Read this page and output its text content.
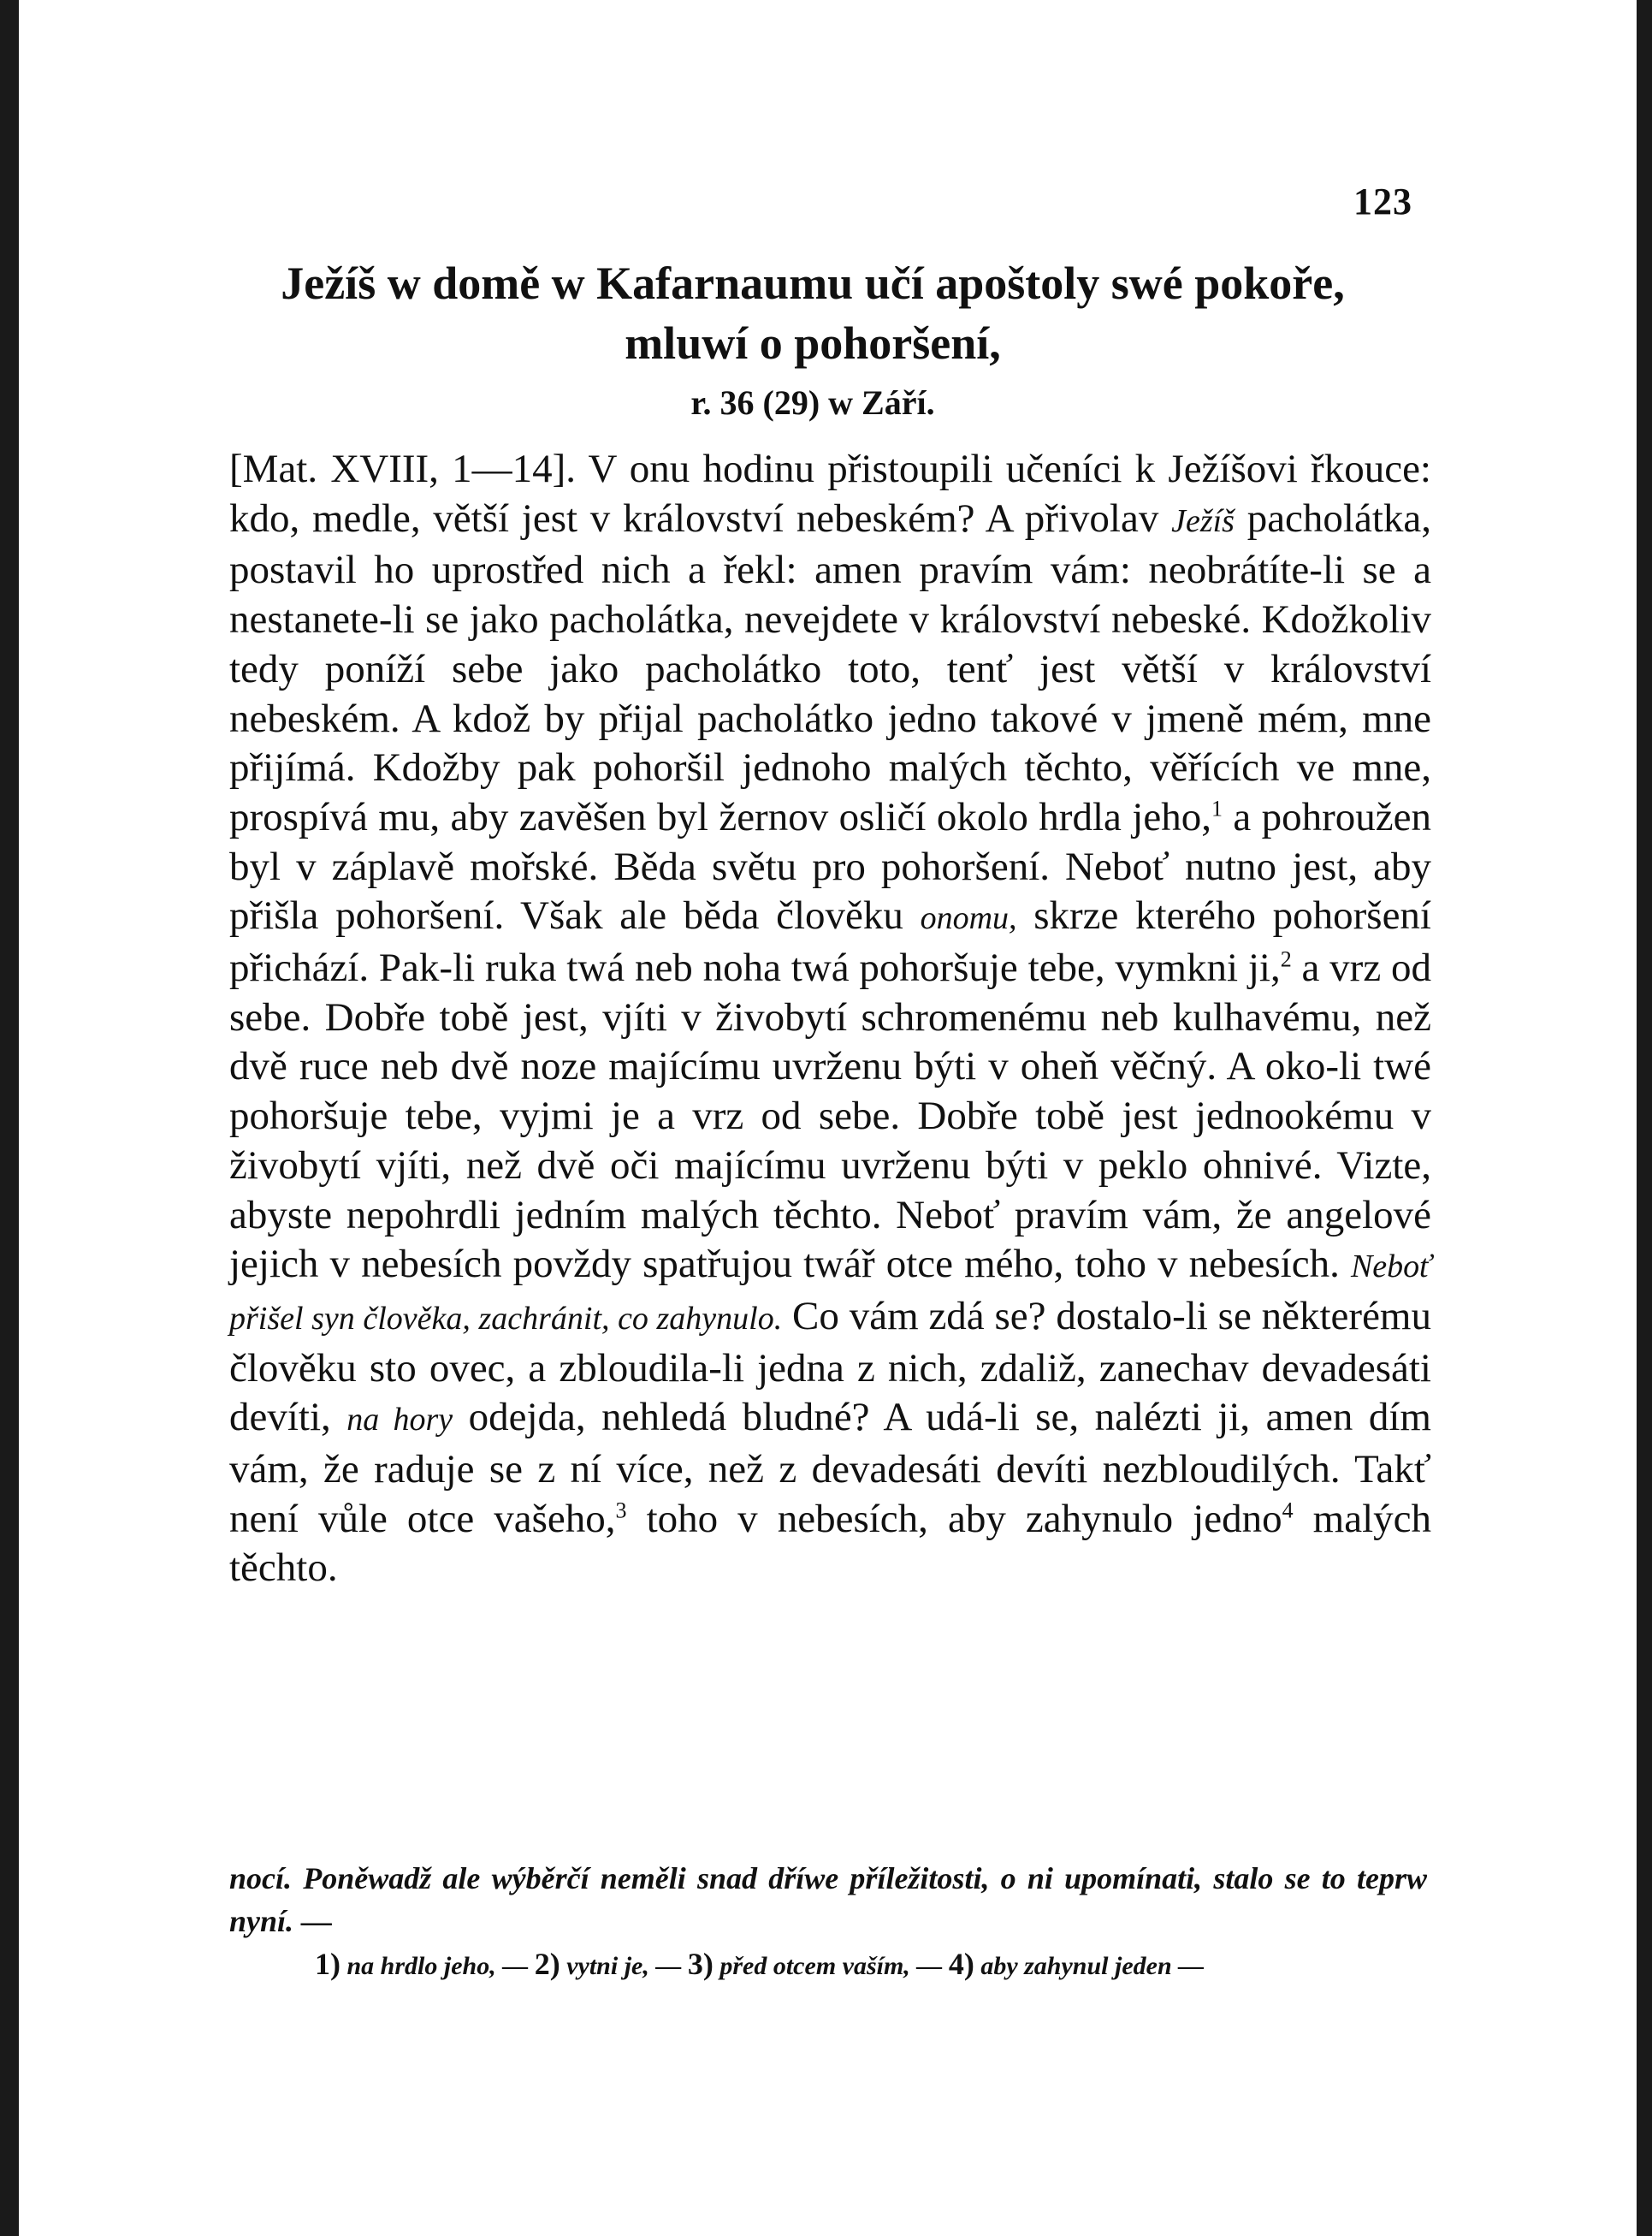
123
Ježíš w domě w Kafarnaumu učí apoštoly swé pokoře,
mluwí o pohoršení,
r. 36 (29) w Září.

[Mat. XVIII, 1—14]. V onu hodinu přistoupili učeníci k Ježíšovi řkouce: kdo, medle, větší jest v království nebeském? A přivolav Ježíš pacholátka, postavil ho uprostřed nich a řekl: amen pravím vám: neobrátíte-li se a nestanete-li se jako pacholátka, nevejdete v království nebeské. Kdožkoliv tedy poníží sebe jako pacholátko toto, tenť jest větší v království nebeském. A kdož by přijal pacholátko jedno takové v jmeně mém, mne přijímá. Kdožby pak pohoršil jednoho malých těchto, věřících ve mne, prospívá mu, aby zavěšen byl žernov osličí okolo hrdla jeho,$^1$ a pohroužen byl v záplavě mořské. Běda světu pro pohoršení. Neboť nutno jest, aby přišla pohoršení. Však ale běda člověku onomu, skrze kterého pohoršení přichází. Pak-li ruka twá neb noha twá pohoršuje tebe, vymkni ji,$^2$ a vrz od sebe. Dobře tobě jest, vjíti v živobytí schromenému neb kulhavému, než dvě ruce neb dvě noze majícímu uvrženu býti v oheň věčný. A oko-li twé pohoršuje tebe, vyjmi je a vrz od sebe. Dobře tobě jest jednookému v živobytí vjíti, než dvě oči majícímu uvrženu býti v peklo ohnivé. Vizte, abyste nepohrdli jedním malých těchto. Neboť pravím vám, že angelové jejich v nebesích povždy spatřujou twář otce mého, toho v nebesích. Neboť přišel syn člověka, zachránit, co zahynulo. Co vám zdá se? dostalo-li se některému člověku sto ovec, a zbloudila-li jedna z nich, zdaliž, zanechav devadesáti devíti, na hory odejda, nehledá bludné? A udá-li se, nalézti ji, amen dím vám, že raduje se z ní více, než z devadesáti devíti nezbloudilých. Takť není vůle otce vašeho,$^3$ toho v nebesích, aby zahynulo jedno$^4$ malých těchto.

nocí. Poněwadž ale wýběrčí neměli snad dříwe příležitosti, o ni upomínati, stalo se to teprw nyní. —

1) na hrdlo jeho, — 2) vytni je, — 3) před otcem vaším, — 4) aby zahynul jeden —
